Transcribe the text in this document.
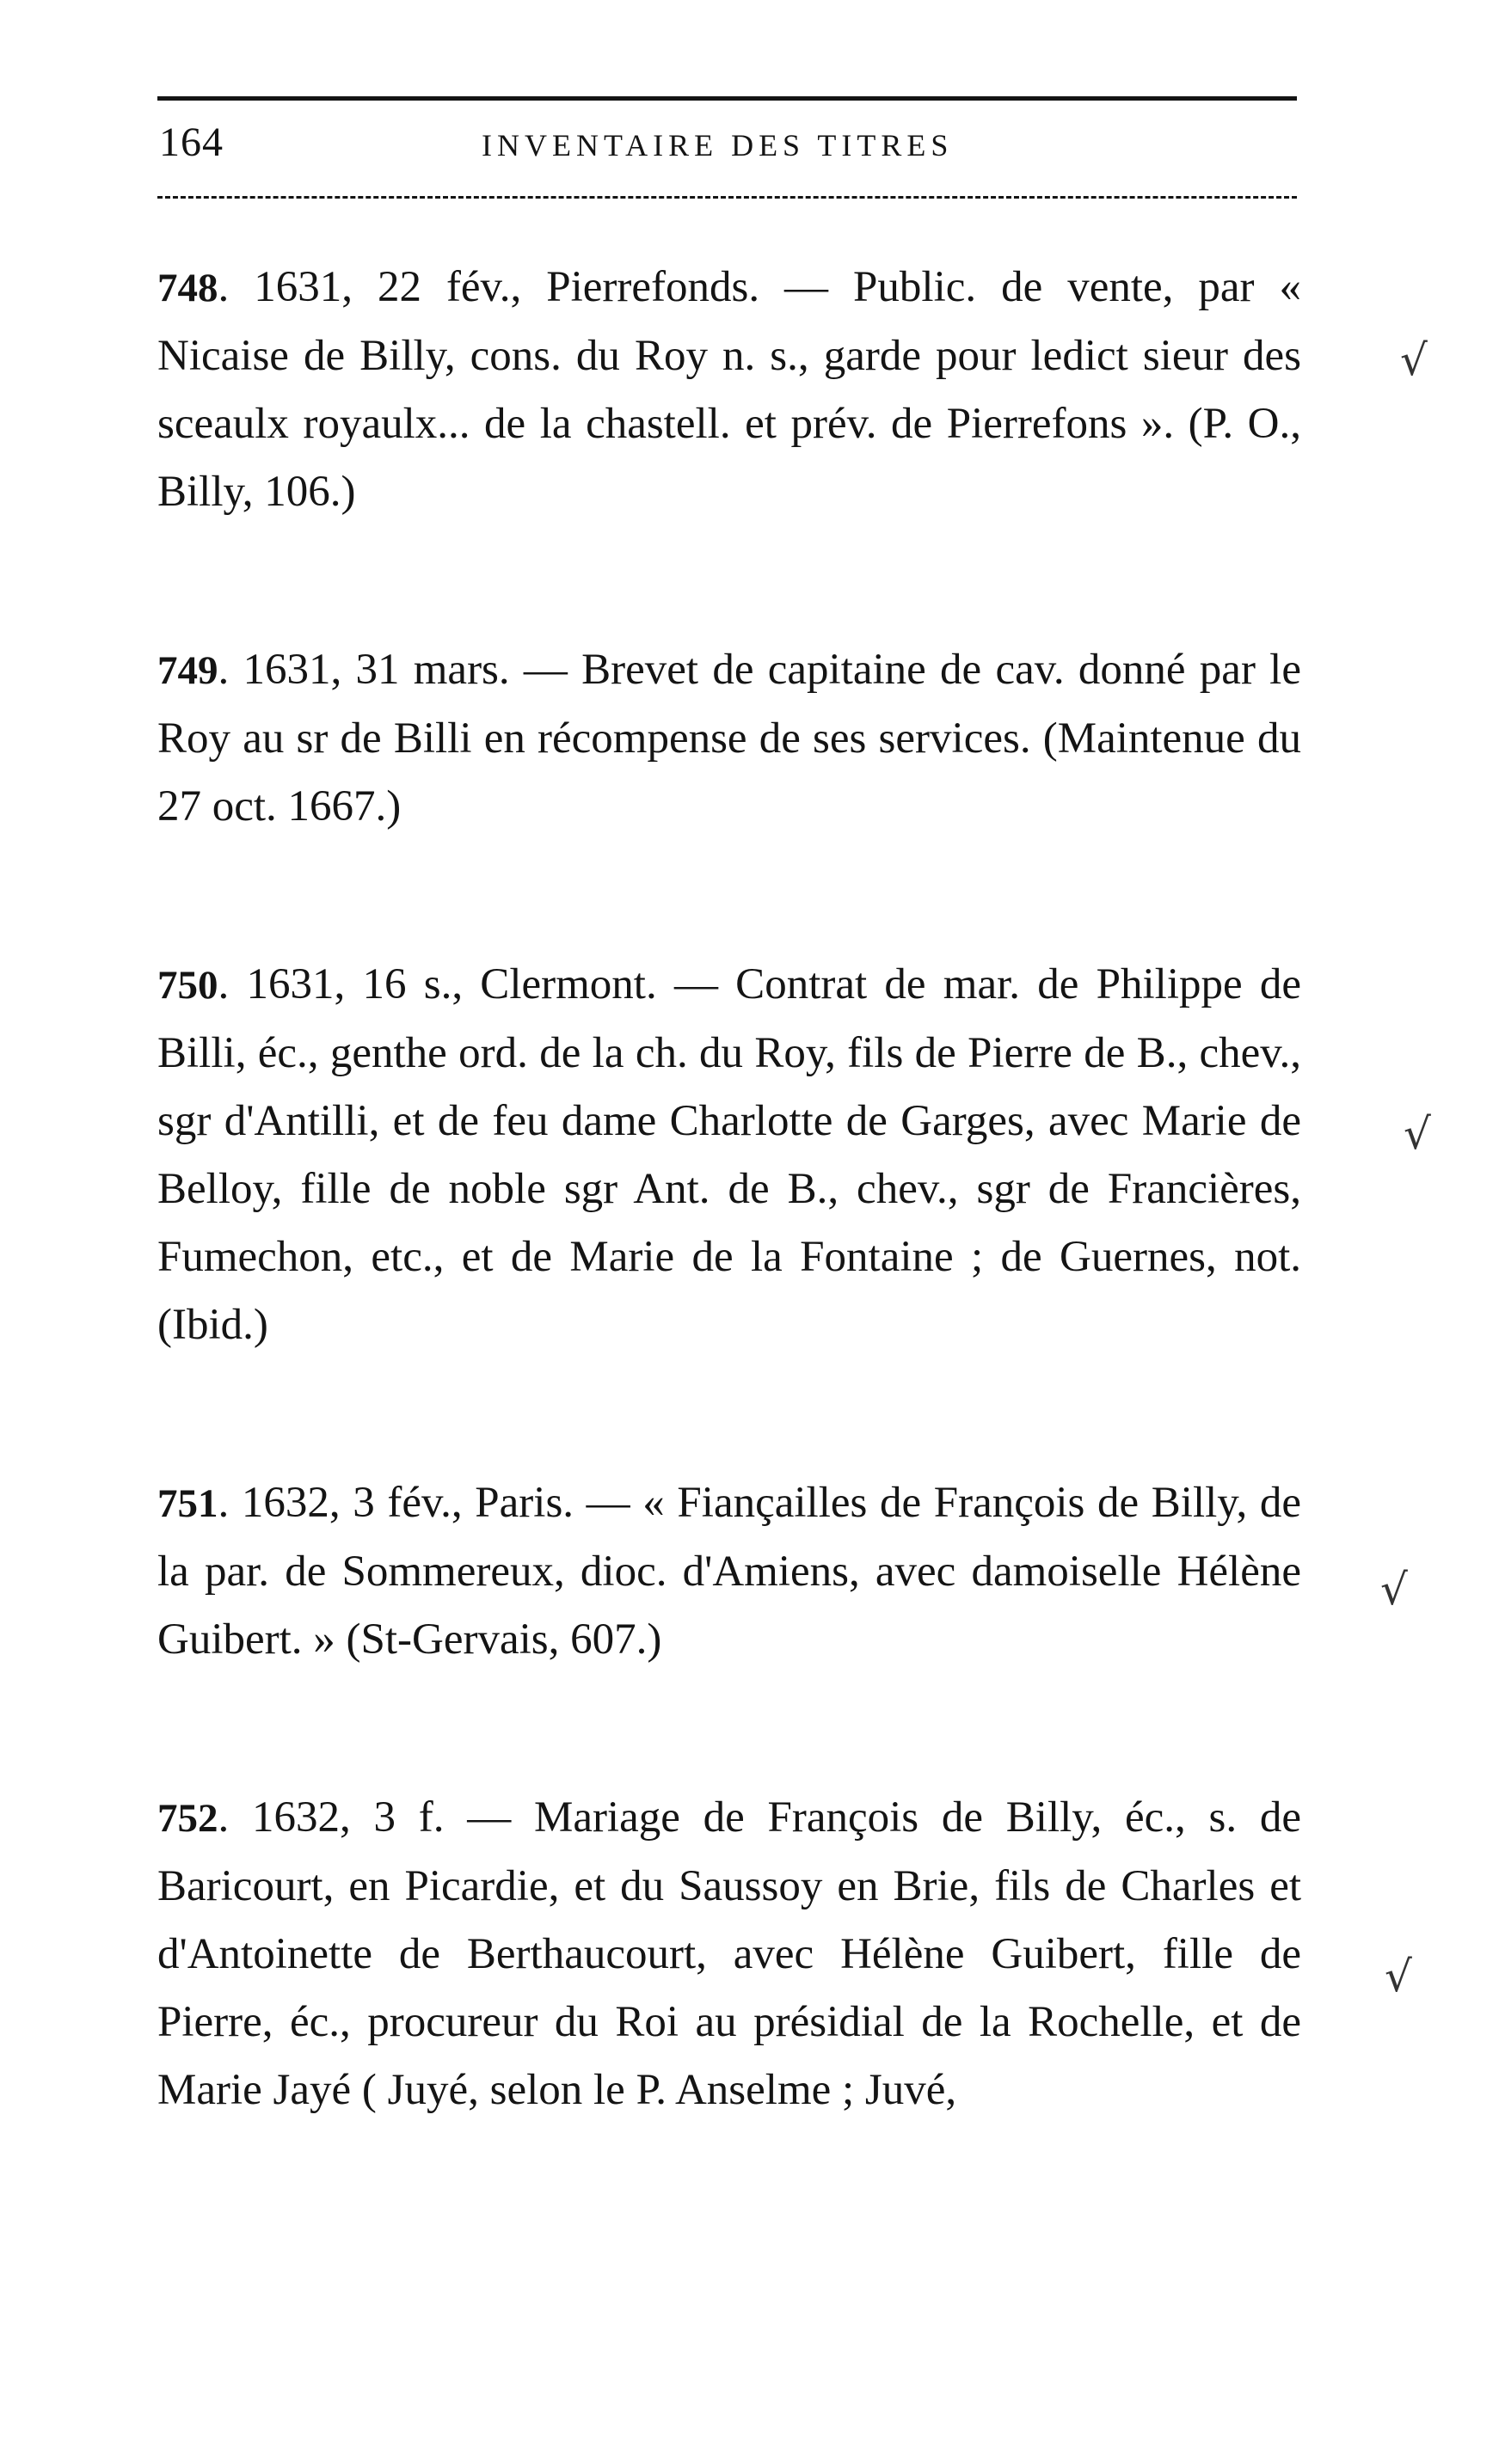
164	INVENTAIRE DES TITRES

748. 1631, 22 fév., Pierrefonds. — Public. de vente, par « Nicaise de Billy, cons. du Roy n. s., garde pour ledict sieur des sceaulx royaulx... de la chastell. et prév. de Pierrefons ». (P. O., Billy, 106.)

749. 1631, 31 mars. — Brevet de capitaine de cav. donné par le Roy au sr de Billi en récompense de ses services. (Maintenue du 27 oct. 1667.)

750. 1631, 16 s., Clermont. — Contrat de mar. de Philippe de Billi, éc., genthe ord. de la ch. du Roy, fils de Pierre de B., chev., sgr d'Antilli, et de feu dame Charlotte de Garges, avec Marie de Belloy, fille de noble sgr Ant. de B., chev., sgr de Francières, Fumechon, etc., et de Marie de la Fontaine ; de Guernes, not. (Ibid.)

751. 1632, 3 fév., Paris. — « Fiançailles de François de Billy, de la par. de Sommereux, dioc. d'Amiens, avec damoiselle Hélène Guibert. » (St-Gervais, 607.)

752. 1632, 3 f. — Mariage de François de Billy, éc., s. de Baricourt, en Picardie, et du Saussoy en Brie, fils de Charles et d'Antoinette de Berthaucourt, avec Hélène Guibert, fille de Pierre, éc., procureur du Roi au présidial de la Rochelle, et de Marie Jayé ( Juyé, selon le P. Anselme ; Juvé,

√
√
√
√
